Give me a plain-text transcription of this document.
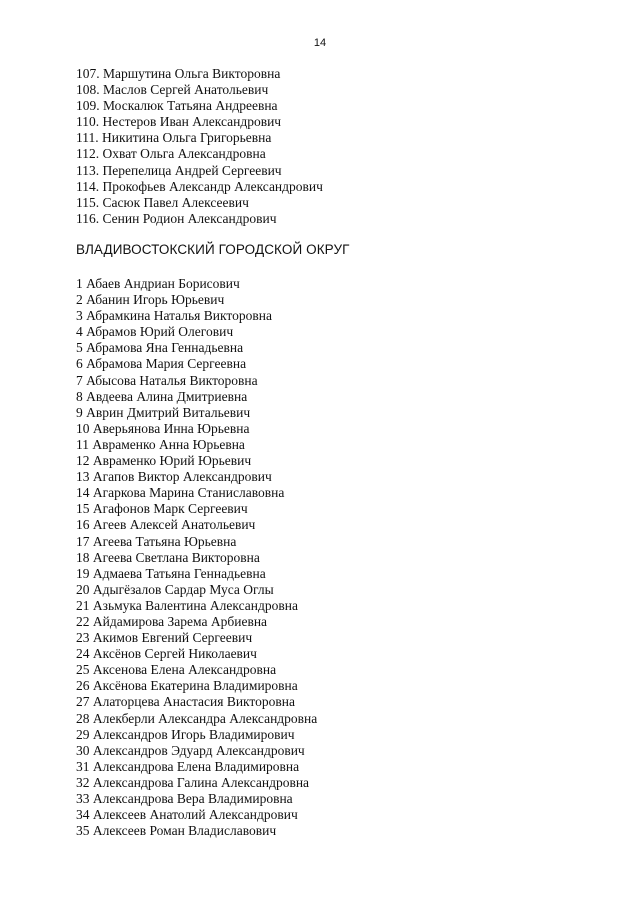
14
107. Маршутина Ольга Викторовна
108. Маслов Сергей Анатольевич
109. Москалюк Татьяна Андреевна
110. Нестеров Иван Александрович
111. Никитина Ольга Григорьевна
112. Охват Ольга Александровна
113. Перепелица Андрей Сергеевич
114. Прокофьев Александр Александрович
115. Сасюк Павел Алексеевич
116. Сенин Родион Александрович
ВЛАДИВОСТОКСКИЙ ГОРОДСКОЙ ОКРУГ
1 Абаев Андриан Борисович
2 Абанин Игорь Юрьевич
3 Абрамкина Наталья Викторовна
4 Абрамов Юрий Олегович
5 Абрамова Яна Геннадьевна
6 Абрамова Мария Сергеевна
7 Абысова Наталья Викторовна
8 Авдеева Алина Дмитриевна
9 Аврин Дмитрий Витальевич
10 Аверьянова Инна Юрьевна
11 Авраменко Анна Юрьевна
12 Авраменко Юрий Юрьевич
13 Агапов Виктор Александрович
14 Агаркова Марина Станиславовна
15 Агафонов Марк Сергеевич
16 Агеев Алексей Анатольевич
17 Агеева Татьяна Юрьевна
18 Агеева Светлана Викторовна
19 Адмаева Татьяна Геннадьевна
20 Адыгёзалов Сардар Муса Оглы
21 Азьмука Валентина Александровна
22 Айдамирова Зарема Арбиевна
23 Акимов Евгений Сергеевич
24 Аксёнов Сергей Николаевич
25 Аксенова Елена Александровна
26 Аксёнова Екатерина Владимировна
27 Алаторцева Анастасия Викторовна
28 Алекберли Александра Александровна
29 Александров Игорь Владимирович
30 Александров Эдуард Александрович
31 Александрова Елена Владимировна
32 Александрова Галина Александровна
33 Александрова Вера Владимировна
34 Алексеев Анатолий Александрович
35 Алексеев Роман Владиславович
